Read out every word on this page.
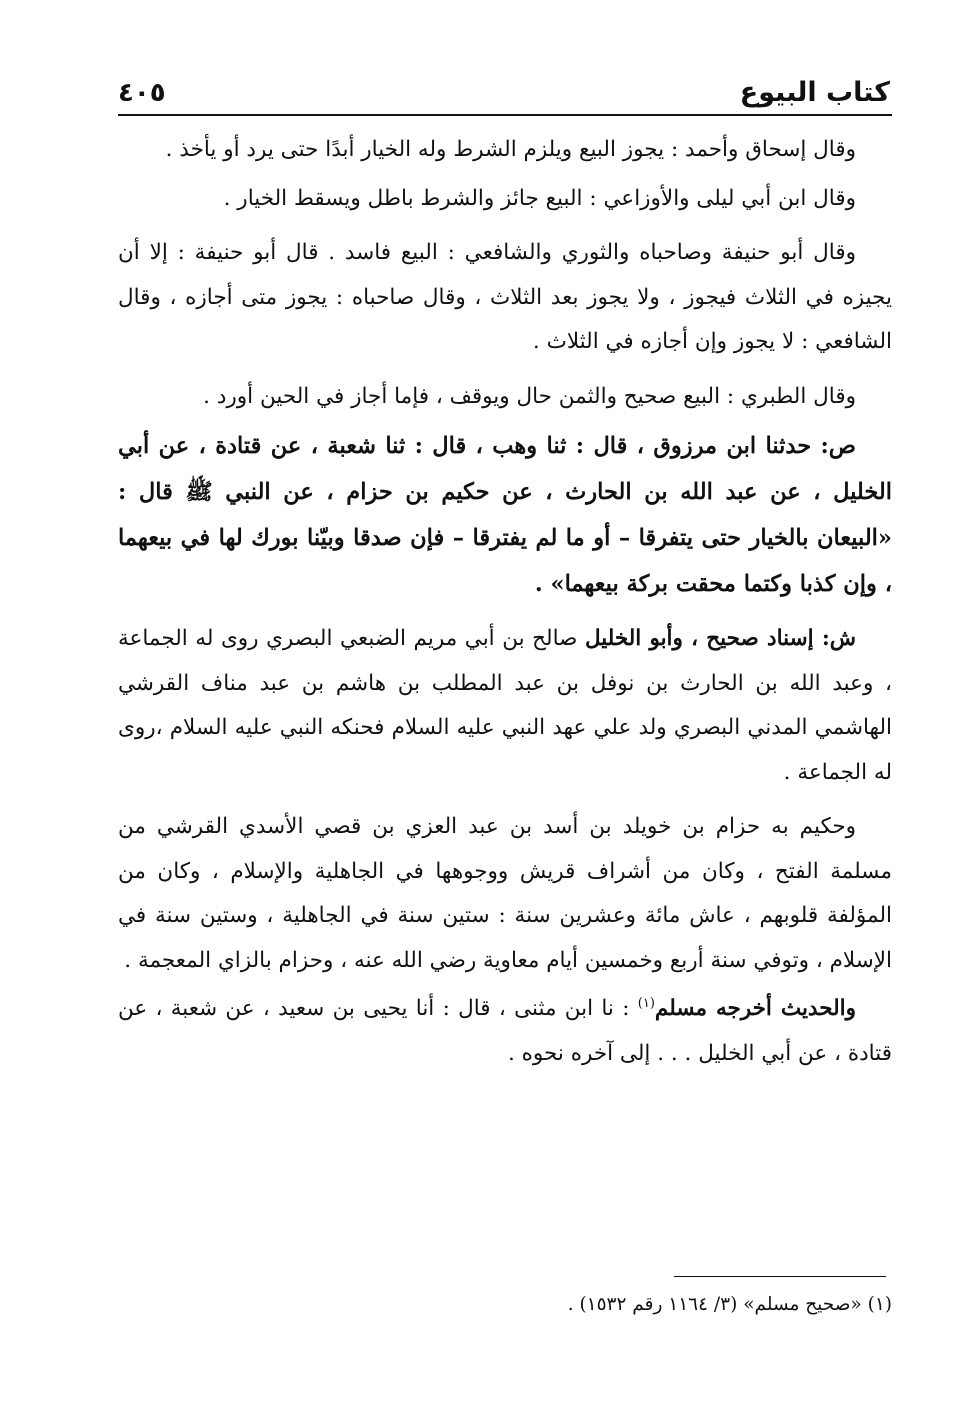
كتاب البيوع
٤٠٥

وقال إسحاق وأحمد : يجوز البيع ويلزم الشرط وله الخيار أبدًا حتى يرد أو يأخذ .

وقال ابن أبي ليلى والأوزاعي : البيع جائز والشرط باطل ويسقط الخيار .

وقال أبو حنيفة وصاحباه والثوري والشافعي : البيع فاسد . قال أبو حنيفة : إلا أن يجيزه في الثلاث فيجوز ، ولا يجوز بعد الثلاث ، وقال صاحباه : يجوز متى أجازه ، وقال الشافعي : لا يجوز وإن أجازه في الثلاث .

وقال الطبري : البيع صحيح والثمن حال ويوقف ، فإما أجاز في الحين أورد .

ص: حدثنا ابن مرزوق ، قال : ثنا وهب ، قال : ثنا شعبة ، عن قتادة ، عن أبي الخليل ، عن عبد الله بن الحارث ، عن حكيم بن حزام ، عن النبي ﷺ قال : «البيعان بالخيار حتى يتفرقا – أو ما لم يفترقا – فإن صدقا وبيّنا بورك لها في بيعهما ، وإن كذبا وكتما محقت بركة بيعهما» .

ش: إسناد صحيح ، وأبو الخليل صالح بن أبي مريم الضبعي البصري روى له الجماعة ، وعبد الله بن الحارث بن نوفل بن عبد المطلب بن هاشم بن عبد مناف القرشي الهاشمي المدني البصري ولد علي عهد النبي عليه السلام فحنكه النبي عليه السلام ،روى له الجماعة .

وحكيم به حزام بن خويلد بن أسد بن عبد العزي بن قصي الأسدي القرشي من مسلمة الفتح ، وكان من أشراف قريش ووجوهها في الجاهلية والإسلام ، وكان من المؤلفة قلوبهم ، عاش مائة وعشرين سنة : ستين سنة في الجاهلية ، وستين سنة في الإسلام ، وتوفي سنة أربع وخمسين أيام معاوية رضي الله عنه ، وحزام بالزاي المعجمة .

والحديث أخرجه مسلم$^{(١)}$ : نا ابن مثنى ، قال : أنا يحيى بن سعيد ، عن شعبة ، عن قتادة ، عن أبي الخليل . . . إلى آخره نحوه .

(١) «صحيح مسلم» (٣/ ١١٦٤ رقم ١٥٣٢) .
